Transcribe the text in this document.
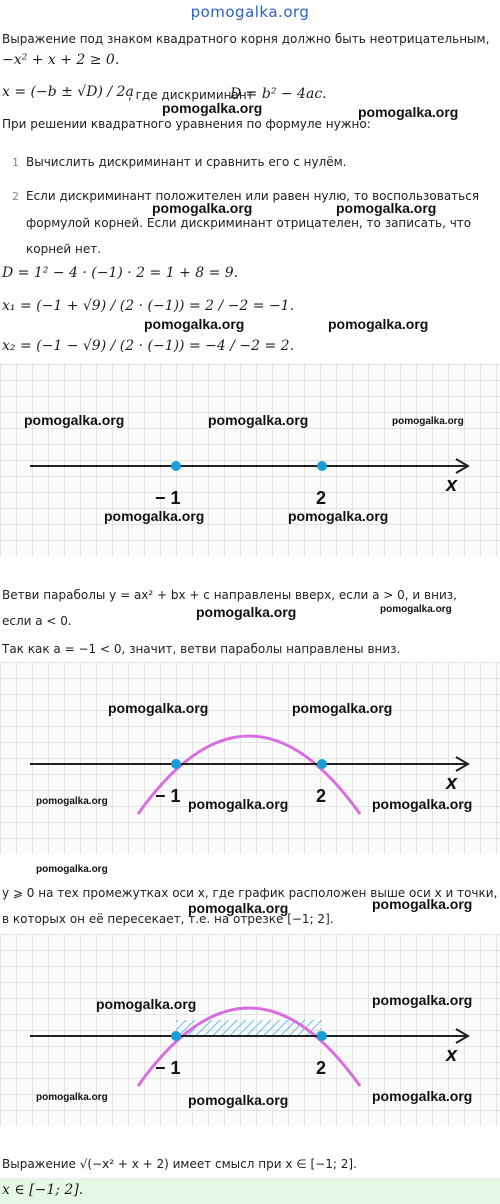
pomogalka.org
Выражение под знаком квадратного корня должно быть неотрицательным,
−x² + x + 2 ≥ 0.
x = (−b ± √D) / 2a
, где дискриминант
D = b² − 4ac.
При решении квадратного уравнения по формуле нужно:
1 Вычислить дискриминант и сравнить его с нулём.
2 Если дискриминант положителен или равен нулю, то воспользоваться
формулой корней. Если дискриминант отрицателен, то записать, что
корней нет.
D = 1² − 4 · (−1) · 2 = 1 + 8 = 9.
x₁ = (−1 + √9) / (2 · (−1)) = 2 / −2 = −1.
x₂ = (−1 − √9) / (2 · (−1)) = −4 / −2 = 2.
− 1	2
x
Ветви параболы y = ax² + bx + c направлены вверх, если a > 0, и вниз,
если a < 0.
Так как a = −1 < 0, значит, ветви параболы направлены вниз.
− 1	2
x
y ⩾ 0 на тех промежутках оси x, где график расположен выше оси x и точки,
в которых он её пересекает, т.е. на отрезке [−1; 2].
− 1	2
x
Выражение √(−x² + x + 2) имеет смысл при x ∈ [−1; 2].
x ∈ [−1; 2].
pomogalka.org	pomogalka.org
pomogalka.org	pomogalka.org
pomogalka.org	pomogalka.org
pomogalka.org	pomogalka.org	pomogalka.org
pomogalka.org	pomogalka.org
pomogalka.org	pomogalka.org
pomogalka.org	pomogalka.org
pomogalka.org	pomogalka.org	pomogalka.org
pomogalka.org
pomogalka.org	pomogalka.org
pomogalka.org	pomogalka.org
pomogalka.org	pomogalka.org	pomogalka.org
